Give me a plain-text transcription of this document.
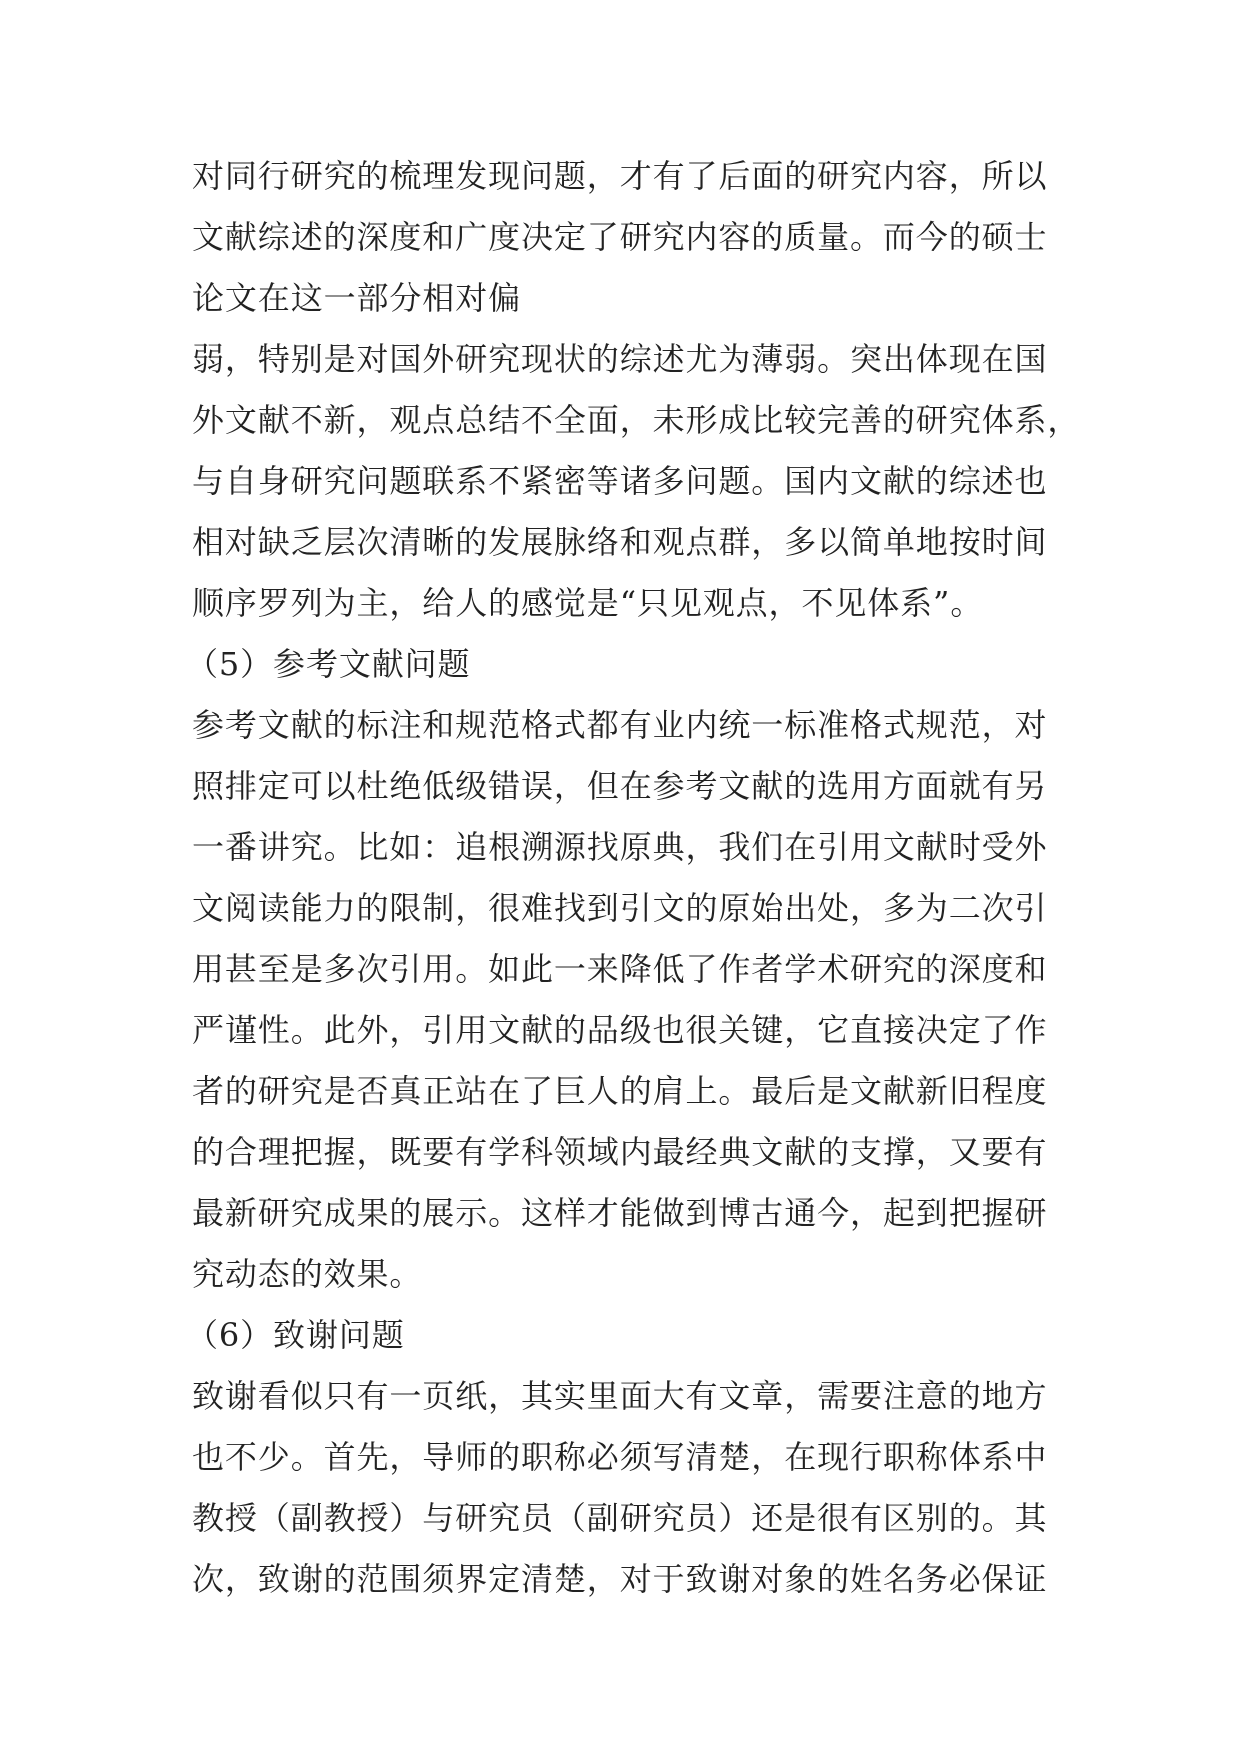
对同行研究的梳理发现问题，才有了后面的研究内容，所以
文献综述的深度和广度决定了研究内容的质量。而今的硕士
论文在这一部分相对偏
弱，特别是对国外研究现状的综述尤为薄弱。突出体现在国
外文献不新，观点总结不全面，未形成比较完善的研究体系，
与自身研究问题联系不紧密等诸多问题。国内文献的综述也
相对缺乏层次清晰的发展脉络和观点群，多以简单地按时间
顺序罗列为主，给人的感觉是“只见观点，不见体系”。
（5）参考文献问题
参考文献的标注和规范格式都有业内统一标准格式规范，对
照排定可以杜绝低级错误，但在参考文献的选用方面就有另
一番讲究。比如：追根溯源找原典，我们在引用文献时受外
文阅读能力的限制，很难找到引文的原始出处，多为二次引
用甚至是多次引用。如此一来降低了作者学术研究的深度和
严谨性。此外，引用文献的品级也很关键，它直接决定了作
者的研究是否真正站在了巨人的肩上。最后是文献新旧程度
的合理把握，既要有学科领域内最经典文献的支撑，又要有
最新研究成果的展示。这样才能做到博古通今，起到把握研
究动态的效果。
（6）致谢问题
致谢看似只有一页纸，其实里面大有文章，需要注意的地方
也不少。首先，导师的职称必须写清楚，在现行职称体系中
教授（副教授）与研究员（副研究员）还是很有区别的。其
次，致谢的范围须界定清楚，对于致谢对象的姓名务必保证
